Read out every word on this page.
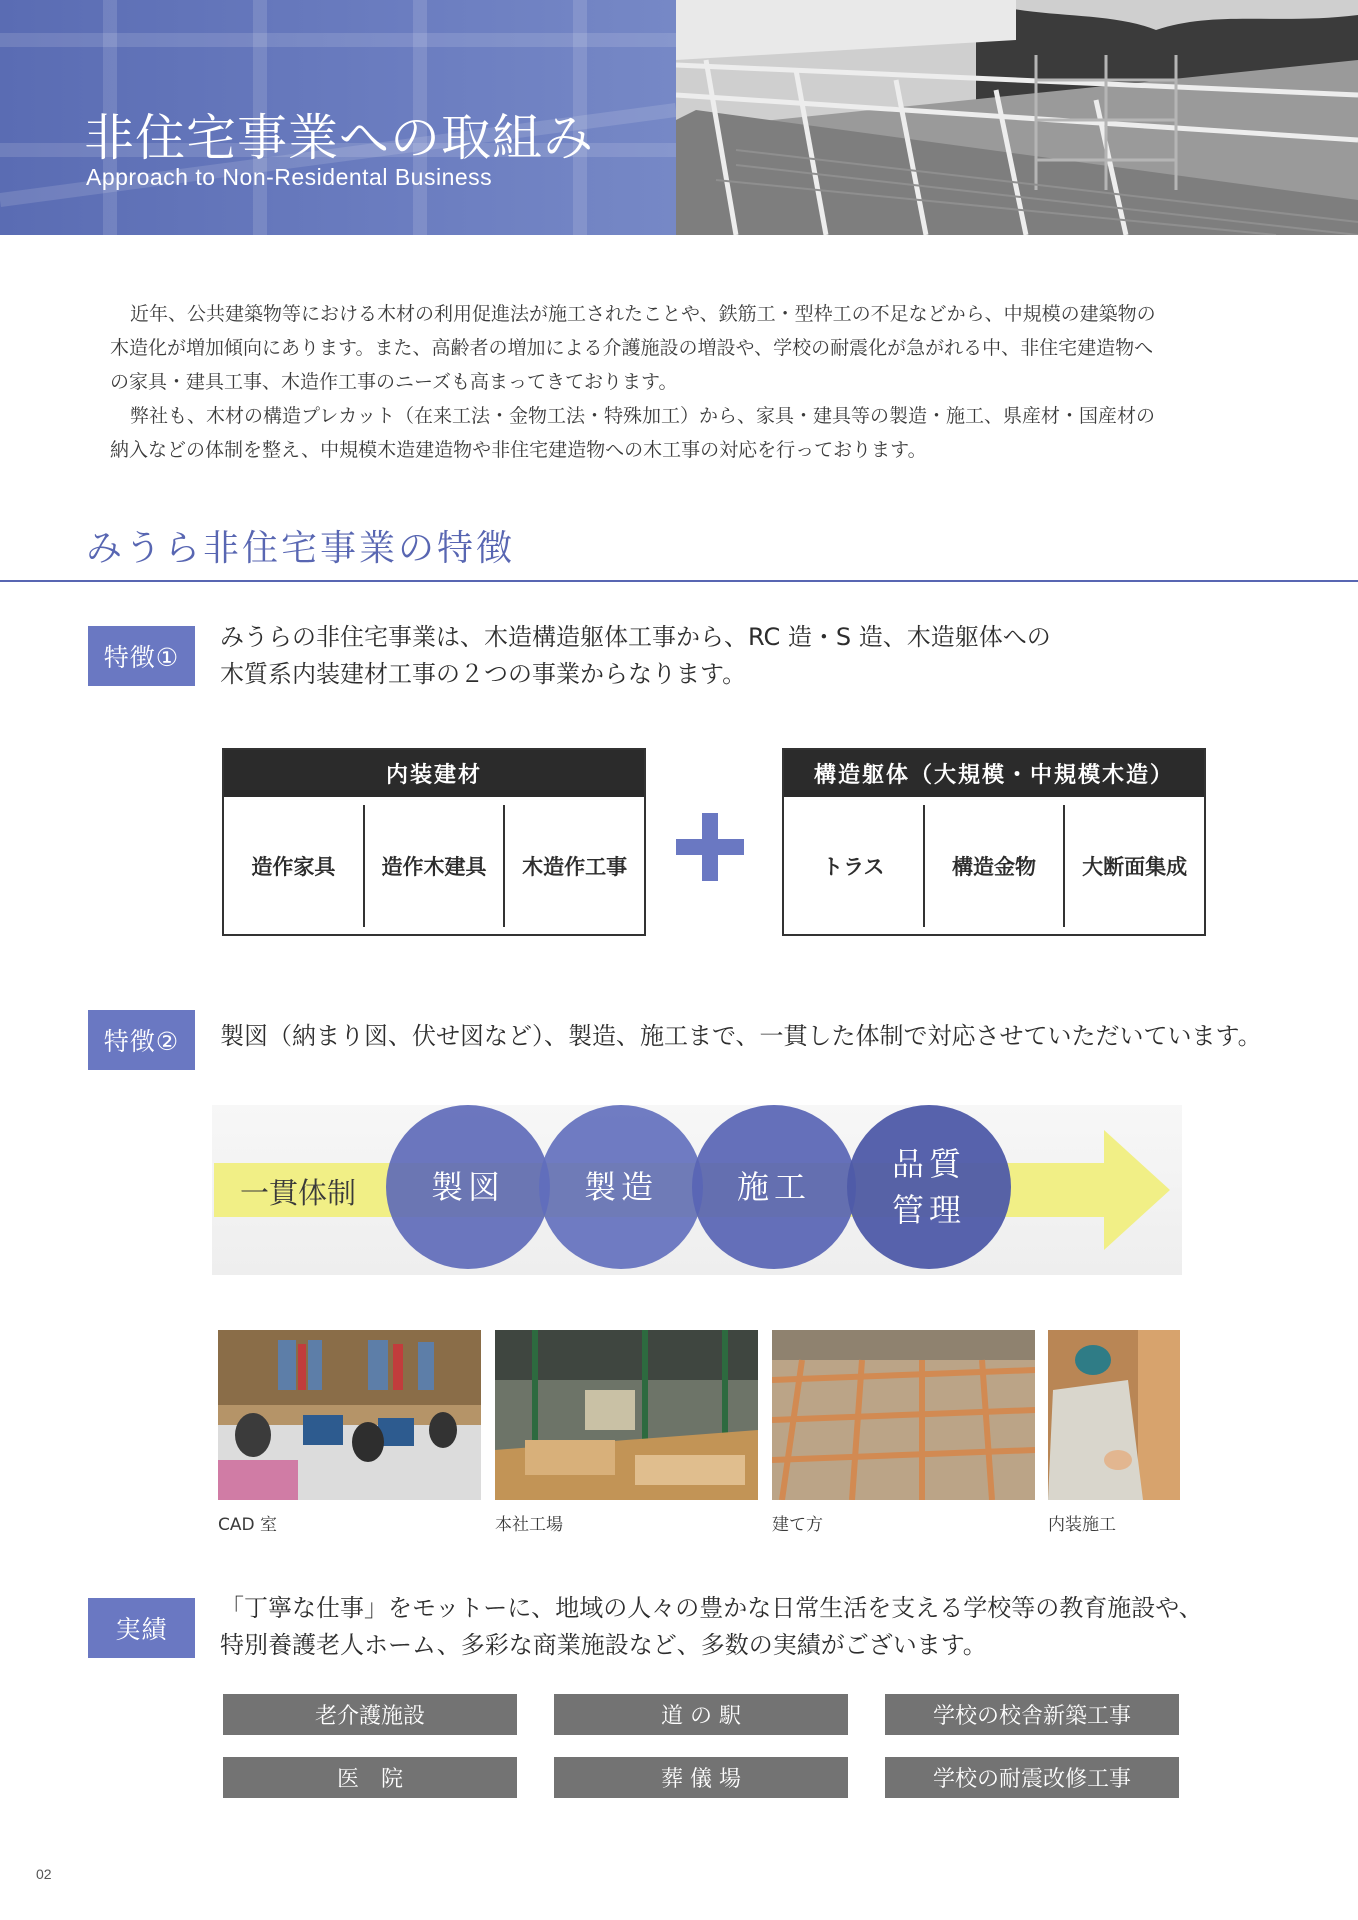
非住宅事業への取組み
Approach to Non-Residental Business

近年、公共建築物等における木材の利用促進法が施工されたことや、鉄筋工・型枠工の不足などから、中規模の建築物の

木造化が増加傾向にあります。また、高齢者の増加による介護施設の増設や、学校の耐震化が急がれる中、非住宅建造物へ

の家具・建具工事、木造作工事のニーズも高まってきております。

弊社も、木材の構造プレカット（在来工法・金物工法・特殊加工）から、家具・建具等の製造・施工、県産材・国産材の

納入などの体制を整え、中規模木造建造物や非住宅建造物への木工事の対応を行っております。

みうら非住宅事業の特徴
特徴①
みうらの非住宅事業は、木造構造躯体工事から、RC 造・S 造、木造躯体への
木質系内装建材工事の２つの事業からなります。
内装建材
造作家具	造作木建具	木造作工事
構造躯体（大規模・中規模木造）
トラス	構造金物	大断面集成
特徴②	製図（納まり図、伏せ図など）、製造、施工まで、一貫した体制で対応させていただいています。
一貫体制	製図	製造	施工
品質
管理
CAD 室	本社工場	建て方	内装施工
実績
「丁寧な仕事」をモットーに、地域の人々の豊かな日常生活を支える学校等の教育施設や、
特別養護老人ホーム、多彩な商業施設など、多数の実績がございます。
老介護施設	道 の 駅	学校の校舎新築工事
医　院	葬 儀 場	学校の耐震改修工事
02
